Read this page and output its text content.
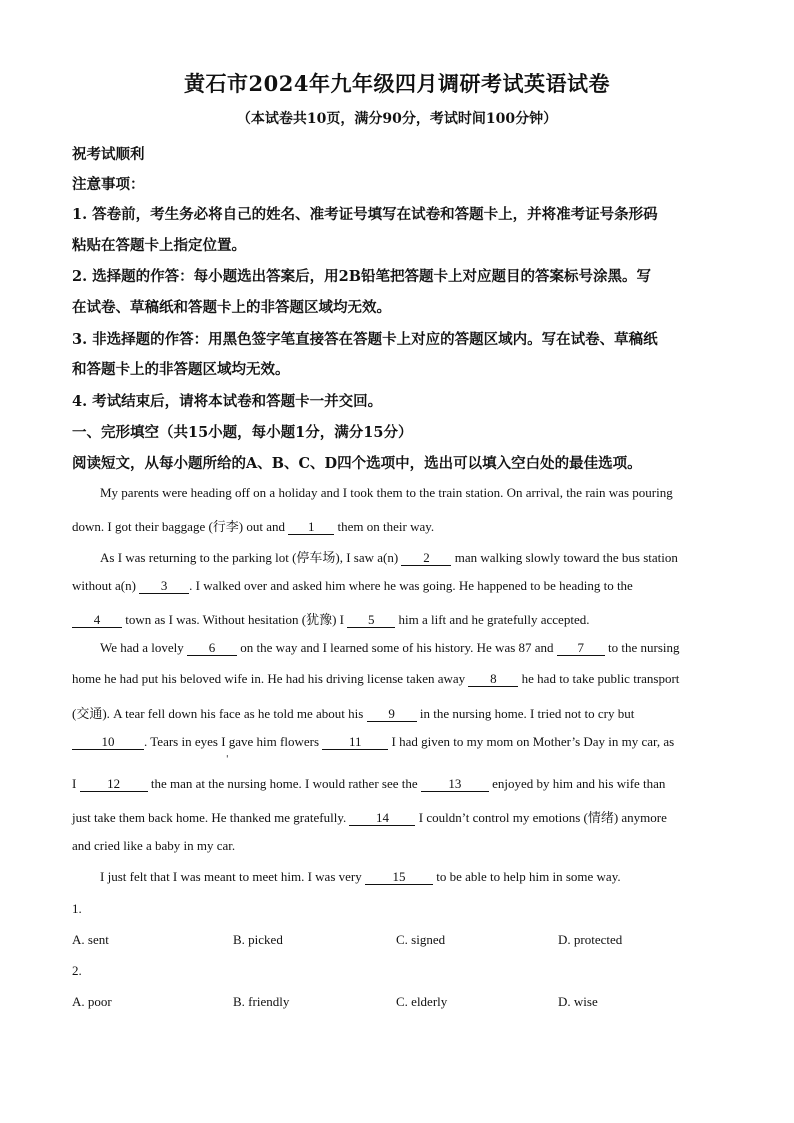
黄石市2024年九年级四月调研考试英语试卷
（本试卷共10页，满分90分，考试时间100分钟）
祝考试顺利
注意事项：
1. 答卷前，考生务必将自己的姓名、准考证号填写在试卷和答题卡上，并将准考证号条形码
粘贴在答题卡上指定位置。
2. 选择题的作答：每小题选出答案后，用2B铅笔把答题卡上对应题目的答案标号涂黑。写
在试卷、草稿纸和答题卡上的非答题区域均无效。
3. 非选择题的作答：用黑色签字笔直接答在答题卡上对应的答题区域内。写在试卷、草稿纸
和答题卡上的非答题区域均无效。
4. 考试结束后，请将本试卷和答题卡一并交回。
一、完形填空（共15小题，每小题1分，满分15分）
阅读短文，从每小题所给的A、B、C、D四个选项中，选出可以填入空白处的最佳选项。
My parents were heading off on a holiday and I took them to the train station. On arrival, the rain was pouring
down. I got their baggage (行李) out and 1 them on their way.
As I was returning to the parking lot (停车场), I saw a(n) 2 man walking slowly toward the bus station
without a(n) 3 . I walked over and asked him where he was going. He happened to be heading to the
4 town as I was. Without hesitation (犹豫) I 5 him a lift and he gratefully accepted.
We had a lovely 6 on the way and I learned some of his history. He was 87 and 7 to the nursing
home he had put his beloved wife in. He had his driving license taken away 8 he had to take public transport
(交通). A tear fell down his face as he told me about his 9 in the nursing home. I tried not to cry but
10 . Tears in eyes I gave him flowers 11 I had given to my mom on Mother’s Day in my car, as
'
I 12 the man at the nursing home. I would rather see the 13 enjoyed by him and his wife than
just take them back home. He thanked me gratefully. 14 I couldn’t control my emotions (情绪) anymore
and cried like a baby in my car.
I just felt that I was meant to meet him. I was very 15 to be able to help him in some way.
1.
A. sent	B. picked	C. signed	D. protected
2.
A. poor	B. friendly	C. elderly	D. wise
